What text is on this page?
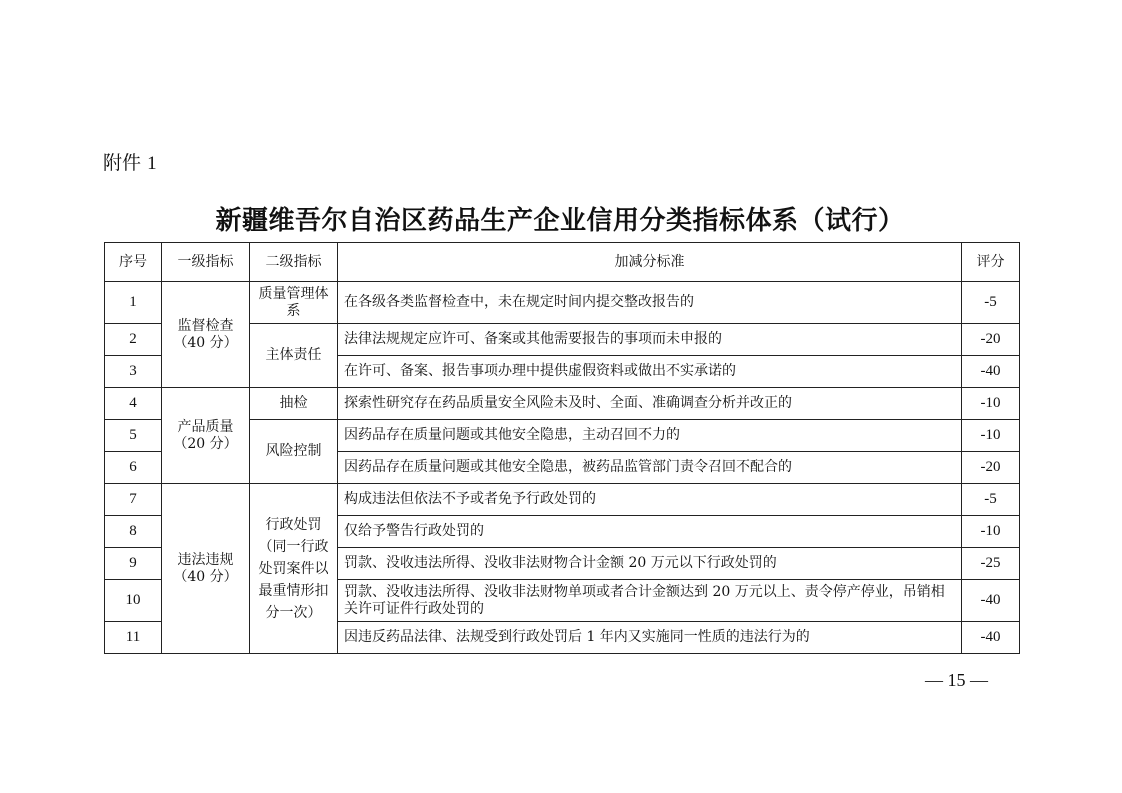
附件 1
新疆维吾尔自治区药品生产企业信用分类指标体系（试行）
序号	一级指标	二级指标	加减分标准	评分
1	监督检查（40 分）	质量管理体系	在各级各类监督检查中，未在规定时间内提交整改报告的	-5
2		主体责任	法律法规规定应许可、备案或其他需要报告的事项而未申报的	-20
3			在许可、备案、报告事项办理中提供虚假资料或做出不实承诺的	-40
4	产品质量（20 分）	抽检	探索性研究存在药品质量安全风险未及时、全面、准确调查分析并改正的	-10
5		风险控制	因药品存在质量问题或其他安全隐患，主动召回不力的	-10
6			因药品存在质量问题或其他安全隐患，被药品监管部门责令召回不配合的	-20
7	违法违规（40 分）	行政处罚（同一行政处罚案件以最重情形扣分一次）	构成违法但依法不予或者免予行政处罚的	-5
8			仅给予警告行政处罚的	-10
9			罚款、没收违法所得、没收非法财物合计金额 20 万元以下行政处罚的	-25
10			罚款、没收违法所得、没收非法财物单项或者合计金额达到 20 万元以上、责令停产停业，吊销相关许可证件行政处罚的	-40
11			因违反药品法律、法规受到行政处罚后 1 年内又实施同一性质的违法行为的	-40
— 15 —
